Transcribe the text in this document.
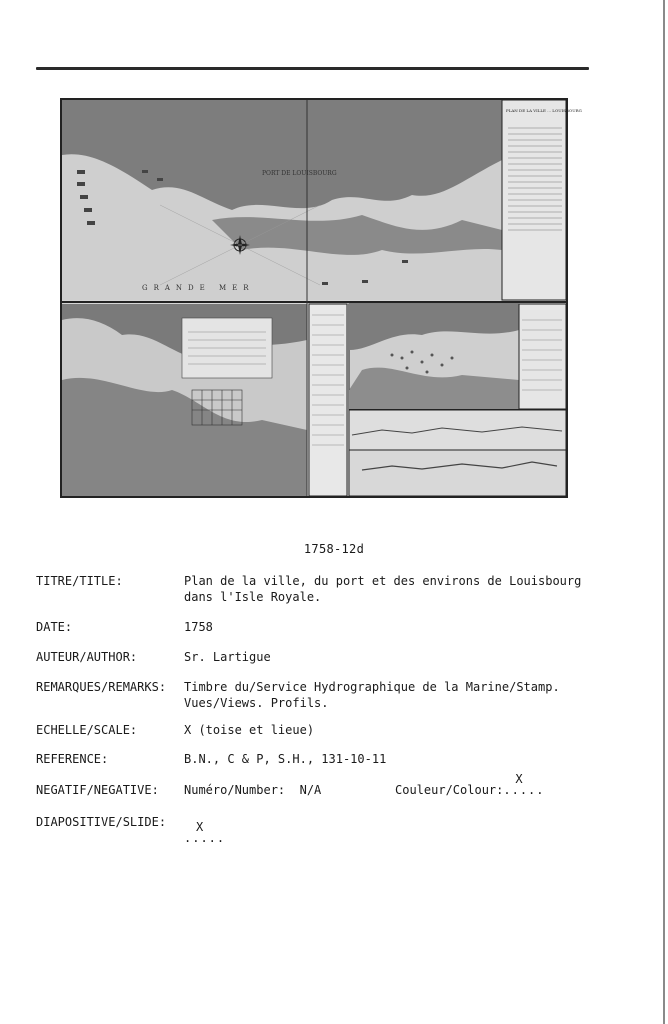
PORT DE LOUISBOURG
GRANDE MER
PLAN DE LA VILLE ... LOUISBOURG
1758-12d
TITRE/TITLE:	Plan de la ville, du port et des environs de Louisbourg
dans l'Isle Royale.
DATE:	1758
AUTEUR/AUTHOR:	Sr. Lartigue
REMARQUES/REMARKS: Timbre du/Service Hydrographique de la Marine/Stamp.
Vues/Views. Profils.
ECHELLE/SCALE:	X (toise et lieue)
REFERENCE:	B.N., C & P, S.H., 131-10-11
NEGATIF/NEGATIVE: Numéro/Number: N/A	Couleur/Colour:
X
.....
DIAPOSITIVE/SLIDE: X
.....
